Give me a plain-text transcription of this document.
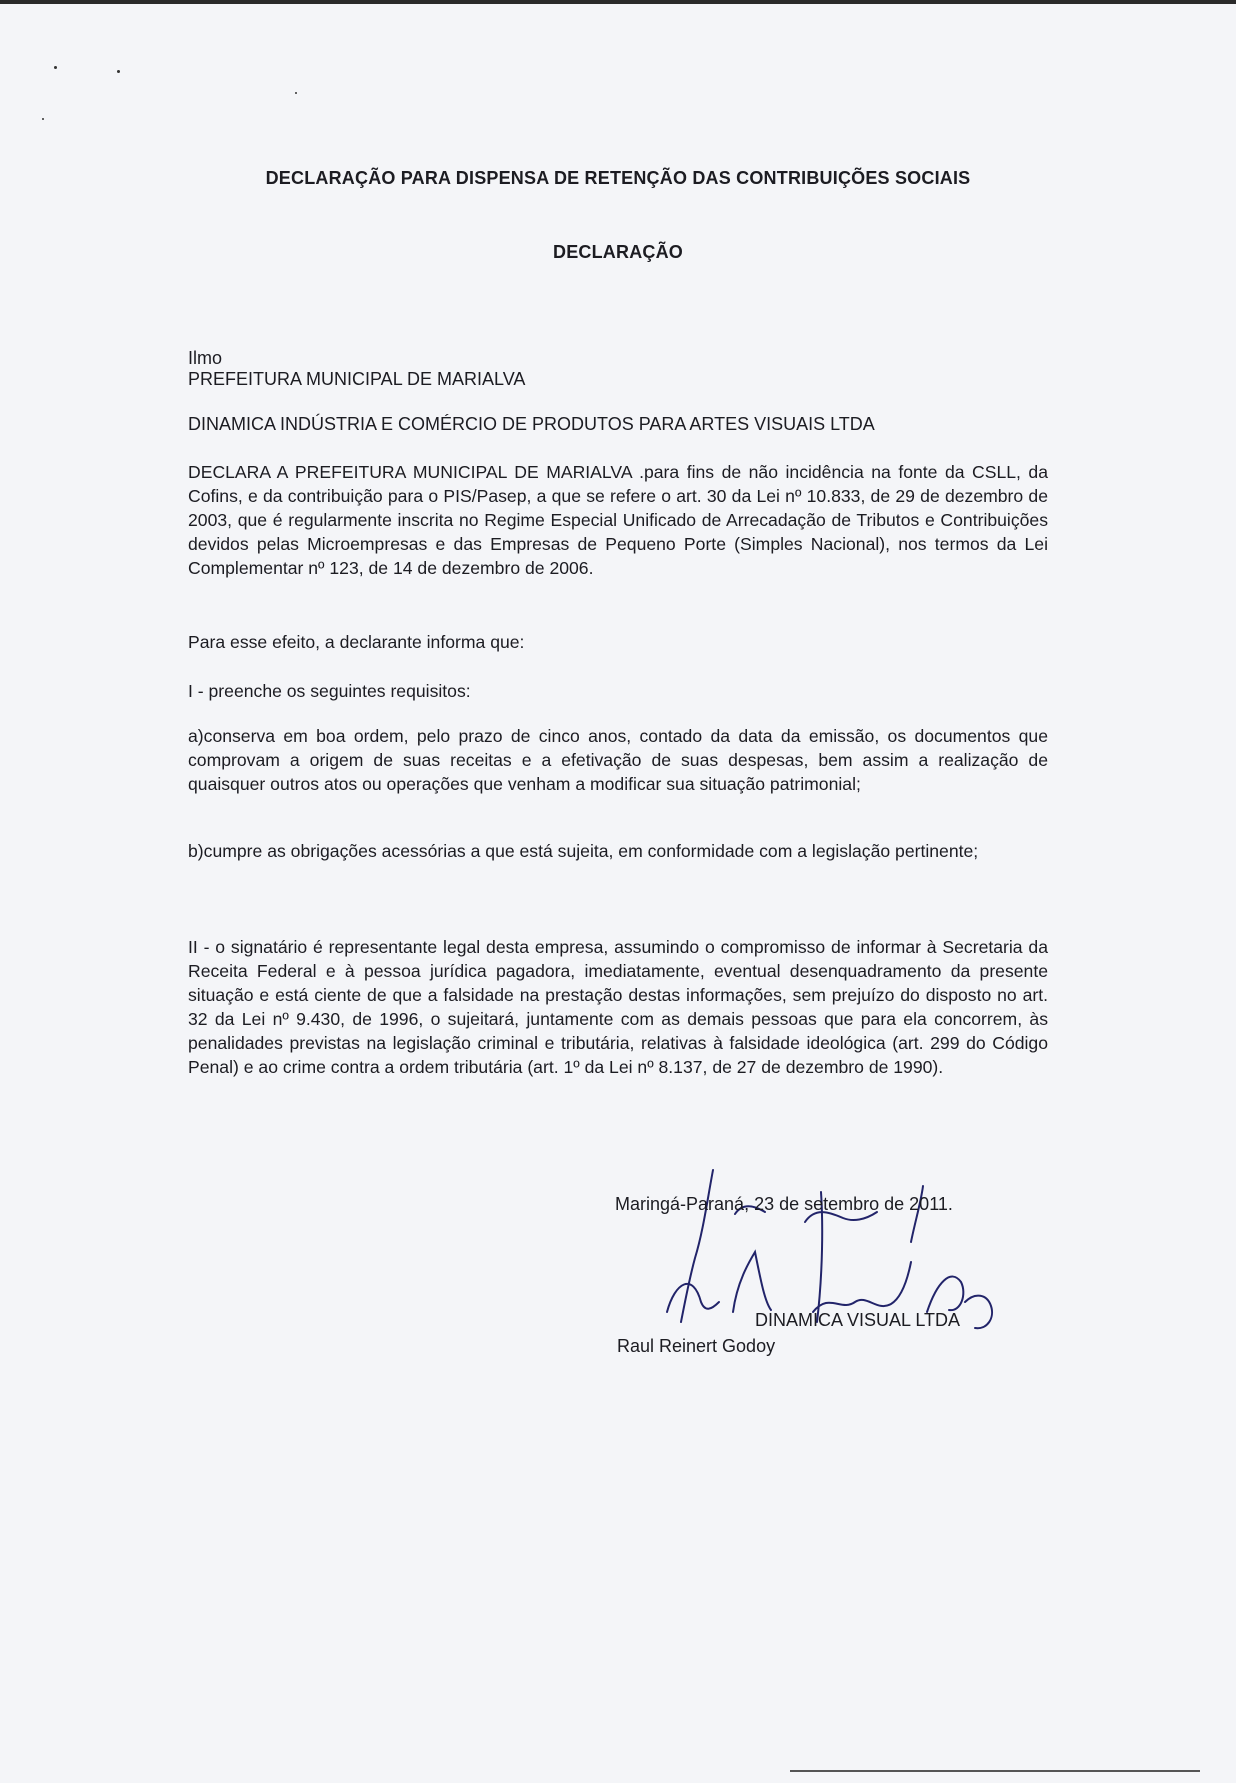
DECLARAÇÃO PARA DISPENSA DE RETENÇÃO DAS CONTRIBUIÇÕES SOCIAIS
DECLARAÇÃO
Ilmo
PREFEITURA MUNICIPAL DE MARIALVA
DINAMICA INDÚSTRIA E COMÉRCIO DE PRODUTOS PARA ARTES VISUAIS LTDA
DECLARA A PREFEITURA MUNICIPAL DE MARIALVA .para fins de não incidência na fonte da CSLL, da Cofins, e da contribuição para o PIS/Pasep, a que se refere o art. 30 da Lei nº 10.833, de 29 de dezembro de 2003, que é regularmente inscrita no Regime Especial Unificado de Arrecadação de Tributos e Contribuições devidos pelas Microempresas e das Empresas de Pequeno Porte (Simples Nacional), nos termos da Lei Complementar nº 123, de 14 de dezembro de 2006.
Para esse efeito, a declarante informa que:
I - preenche os seguintes requisitos:
a)conserva em boa ordem, pelo prazo de cinco anos, contado da data da emissão, os documentos que comprovam a origem de suas receitas e a efetivação de suas despesas, bem assim a realização de quaisquer outros atos ou operações que venham a modificar sua situação patrimonial;
b)cumpre as obrigações acessórias a que está sujeita, em conformidade com a legislação pertinente;
II - o signatário é representante legal desta empresa, assumindo o compromisso de informar à Secretaria da Receita Federal e à pessoa jurídica pagadora, imediatamente, eventual desenquadramento da presente situação e está ciente de que a falsidade na prestação destas informações, sem prejuízo do disposto no art. 32 da Lei nº 9.430, de 1996, o sujeitará, juntamente com as demais pessoas que para ela concorrem, às penalidades previstas na legislação criminal e tributária, relativas à falsidade ideológica (art. 299 do Código Penal) e ao crime contra a ordem tributária (art. 1º da Lei nº 8.137, de 27 de dezembro de 1990).
Maringá-Paraná, 23 de setembro de 2011.
DINAMICA VISUAL LTDA
Raul Reinert Godoy
